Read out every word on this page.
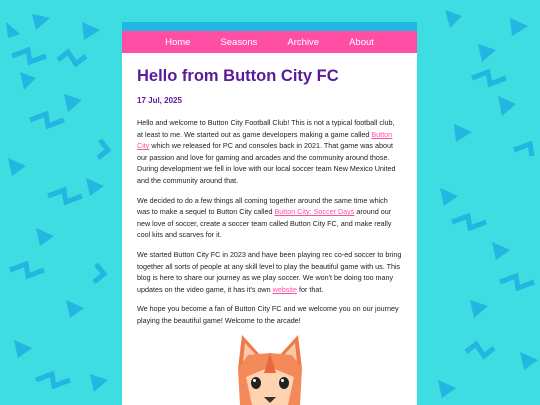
Home	Seasons	Archive	About
Hello from Button City FC
17 Jul, 2025

Hello and welcome to Button City Football Club! This is not a typical football club, at least to me. We started out as game developers making a game called Button City which we released for PC and consoles back in 2021. That game was about our passion and love for gaming and arcades and the community around those. During development we fell in love with our local soccer team New Mexico United and the community around that.

We decided to do a few things all coming together around the same time which was to make a sequel to Button City called Button City: Soccer Days around our new love of soccer, create a soccer team called Button City FC, and make really cool kits and scarves for it.

We started Button City FC in 2023 and have been playing rec co-ed soccer to bring together all sorts of people at any skill level to play the beautiful game with us. This blog is here to share our journey as we play soccer. We won't be doing too many updates on the video game, it has it's own website for that.

We hope you become a fan of Button City FC and we welcome you on our journey playing the beautiful game! Welcome to the arcade!
